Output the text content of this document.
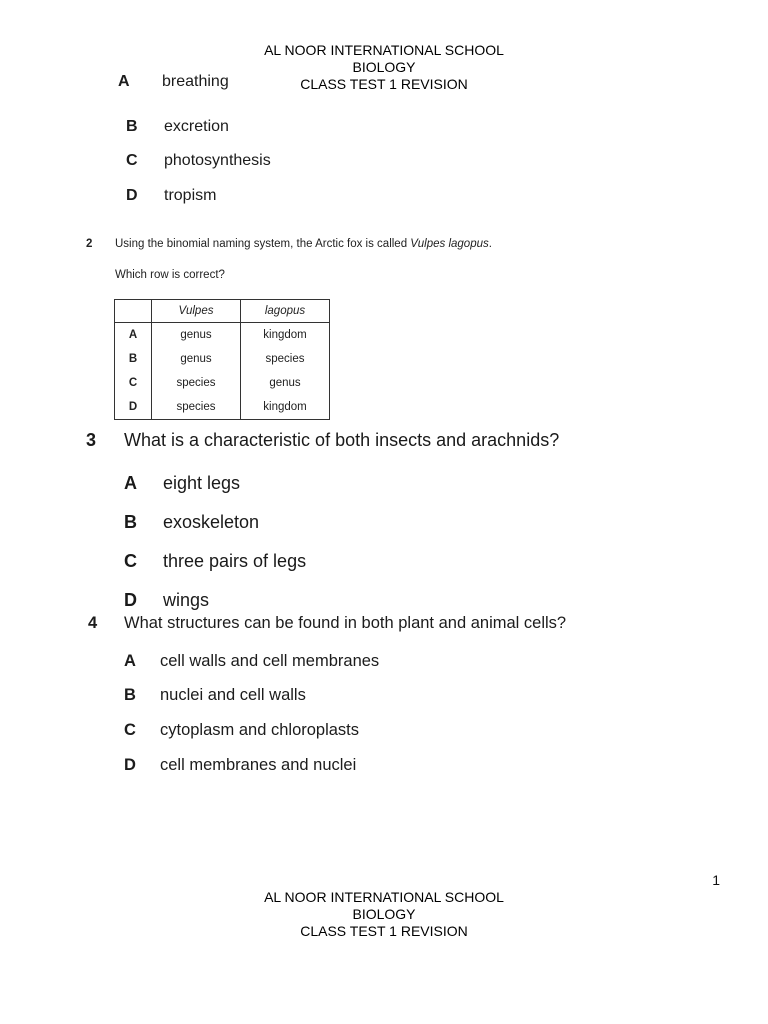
AL NOOR INTERNATIONAL SCHOOL
BIOLOGY
CLASS TEST 1 REVISION
A breathing
B	excretion
C	photosynthesis
D	tropism
2 Using the binomial naming system, the Arctic fox is called Vulpes lagopus.
Which row is correct?
	Vulpes	lagopus
A	genus	kingdom
B	genus	species
C	species	genus
D	species	kingdom
3 What is a characteristic of both insects and arachnids?
A	eight legs
B	exoskeleton
C	three pairs of legs
D	wings
4 What structures can be found in both plant and animal cells?
A	cell walls and cell membranes
B	nuclei and cell walls
C	cytoplasm and chloroplasts
D	cell membranes and nuclei
1
AL NOOR INTERNATIONAL SCHOOL
BIOLOGY
CLASS TEST 1 REVISION
